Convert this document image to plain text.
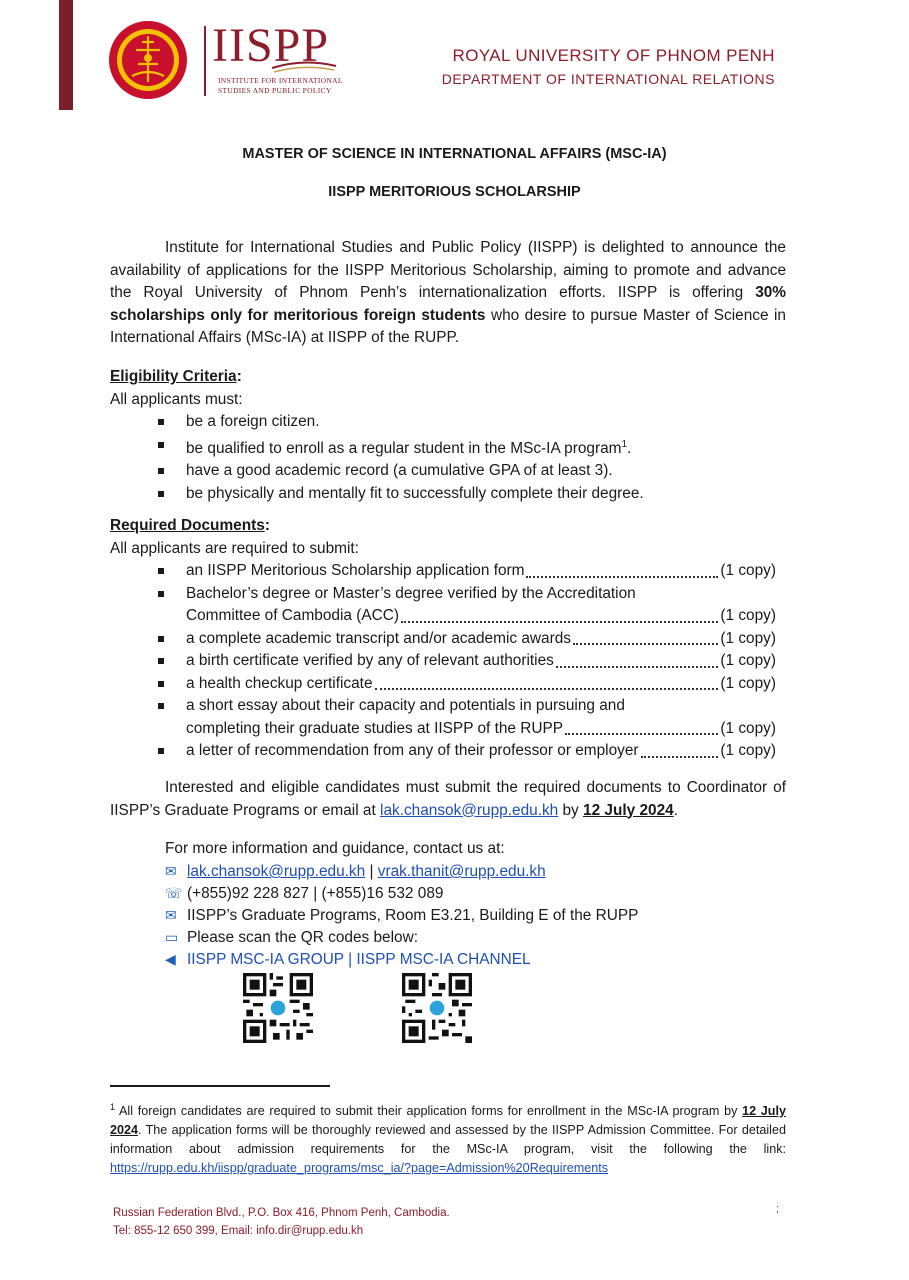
IISPP
INSTITUTE FOR INTERNATIONAL
STUDIES AND PUBLIC POLICY
ROYAL UNIVERSITY OF PHNOM PENH
DEPARTMENT OF INTERNATIONAL RELATIONS
MASTER OF SCIENCE IN INTERNATIONAL AFFAIRS (MSC-IA)
IISPP MERITORIOUS SCHOLARSHIP

Institute for International Studies and Public Policy (IISPP) is delighted to announce the availability of applications for the IISPP Meritorious Scholarship, aiming to promote and advance the Royal University of Phnom Penh’s internationalization efforts. IISPP is offering 30% scholarships only for meritorious foreign students who desire to pursue Master of Science in International Affairs (MSc-IA) at IISPP of the RUPP.

Eligibility Criteria:
All applicants must:
be a foreign citizen.
be qualified to enroll as a regular student in the MSc-IA program$^1$.
have a good academic record (a cumulative GPA of at least 3).
be physically and mentally fit to successfully complete their degree.
Required Documents:
All applicants are required to submit:
an IISPP Meritorious Scholarship application form	(1 copy)
Bachelor’s degree or Master’s degree verified by the Accreditation
Committee of Cambodia (ACC)	(1 copy)
a complete academic transcript and/or academic awards	(1 copy)
a birth certificate verified by any of relevant authorities	(1 copy)
a health checkup certificate	(1 copy)
a short essay about their capacity and potentials in pursuing and
completing their graduate studies at IISPP of the RUPP	(1 copy)
a letter of recommendation from any of their professor or employer	(1 copy)

Interested and eligible candidates must submit the required documents to Coordinator of IISPP’s Graduate Programs or email at lak.chansok@rupp.edu.kh by 12 July 2024.

For more information and guidance, contact us at:
✉ lak.chansok@rupp.edu.kh | vrak.thanit@rupp.edu.kh
☏ (+855)92 228 827 | (+855)16 532 089
✉ IISPP’s Graduate Programs, Room E3.21, Building E of the RUPP
▭ Please scan the QR codes below:
◀ IISPP MSC-IA GROUP | IISPP MSC-IA CHANNEL
$^1$ All foreign candidates are required to submit their application forms for enrollment in the MSc-IA program by 12 July 2024. The application forms will be thoroughly reviewed and assessed by the IISPP Admission Committee. For detailed information about admission requirements for the MSc-IA program, visit the following the link: https://rupp.edu.kh/iispp/graduate_programs/msc_ia/?page=Admission%20Requirements
Russian Federation Blvd., P.O. Box 416, Phnom Penh, Cambodia.
Tel: 855-12 650 399, Email: info.dir@rupp.edu.kh
;
